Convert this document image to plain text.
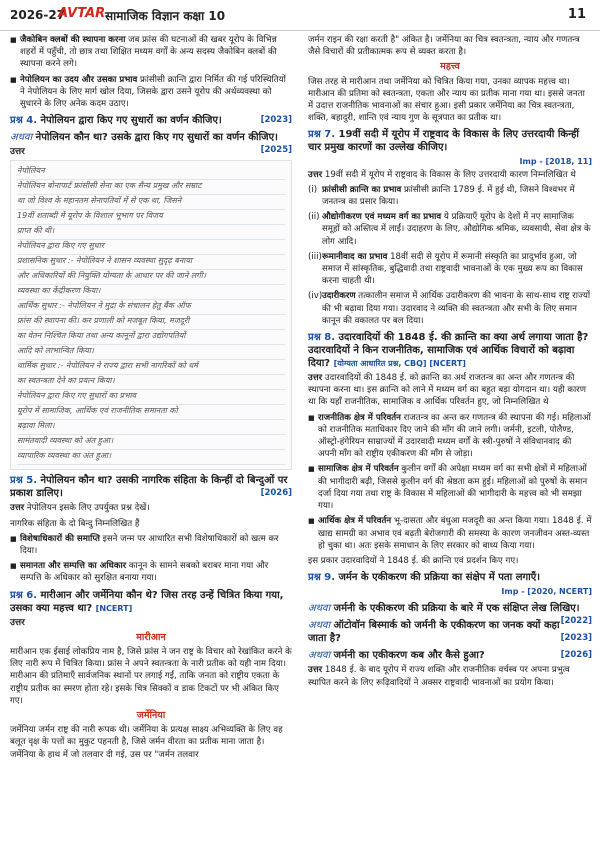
2026-27
AVTAR सामाजिक विज्ञान कक्षा 10	11

■ जैकोबिन क्लबों की स्थापना करना जब फ्रांस की घटनाओं की खबर यूरोप के विभिन्न शहरों में पहुँची, तो छात्र तथा शिक्षित मध्यम वर्गों के अन्य सदस्य जैकोबिन क्लबों की स्थापना करने लगे।

■ नेपोलियन का उदय और उसका प्रभाव फ्रांसीसी क्रान्ति द्वारा निर्मित की गई परिस्थितियों ने नेपोलियन के लिए मार्ग खोल दिया, जिसके द्वारा उसने यूरोप की अर्थव्यवस्था को सुधारने के लिए अनेक कदम उठाए।

प्रश्न 4. नेपोलियन द्वारा किए गए सुधारों का वर्णन कीजिए।	[2023]
अथवा नेपोलियन कौन था? उसके द्वारा किए गए सुधारों का वर्णन कीजिए।
[2025]
उत्तर
नेपोलियन
नेपोलियन बोनापार्ट फ्रांसीसी सेना का एक सैन्य प्रमुख और सम्राट
था जो विश्व के महानतम सेनापतियों में से एक था, जिसने
19वीं शताब्दी में यूरोप के विशाल भूभाग पर विजय
प्राप्त की थी।
नेपोलियन द्वारा किए गए सुधार
प्रशासनिक सुधार :- नेपोलियन ने शासन व्यवस्था सुदृढ़ बनाया
और अधिकारियों की नियुक्ति योग्यता के आधार पर की जाने लगी।
व्यवस्था का केंद्रीकरण किया।
आर्थिक सुधार :- नेपोलियन ने मुद्रा के संचालन हेतु बैंक ऑफ
फ्रांस की स्थापना की। कर प्रणाली को मजबूत किया, मजदूरी
का वेतन निश्चित किया तथा अन्य कानूनों द्वारा उद्योगपतियों
आदि को लाभान्वित किया।
धार्मिक सुधार :- नेपोलियन ने राज्य द्वारा सभी नागरिकों को धर्म
का स्वतन्त्रता देने का प्रयत्न किया।
नेपोलियन द्वारा किए गए सुधारों का प्रभाव
यूरोप में सामाजिक, आर्थिक एवं राजनीतिक समानता को
बढ़ावा मिला।
सामंतवादी व्यवस्था को अंत हुआ।
व्यापारिक व्यवस्था का अंत हुआ।
प्रश्न 5. नेपोलियन कौन था? उसकी नागरिक संहिता के किन्हीं दो बिन्दुओं पर प्रकाश डालिए।	[2026]

उत्तर नेपोलियन इसके लिए उपर्युक्त प्रश्न देखें।

नागरिक संहिता के दो बिन्दु निम्नलिखित हैं

■ विशेषाधिकारों की समाप्ति इसने जन्म पर आधारित सभी विशेषाधिकारों को खत्म कर दिया।

■ समानता और सम्पत्ति का अधिकार कानून के सामने सबको बराबर माना गया और सम्पत्ति के अधिकार को सुरक्षित बनाया गया।

प्रश्न 6. मारीआन और जर्मेनिया कौन थे? जिस तरह उन्हें चित्रित किया गया, उसका क्या महत्त्व था? [NCERT]
उत्तर
मारीआन

मारीआन एक ईसाई लोकप्रिय नाम है, जिसे फ्रांस ने जन राष्ट्र के विचार को रेखांकित करने के लिए नारी रूप में चित्रित किया। फ्रांस ने अपने स्वतन्त्रता के नारी प्रतीक को यही नाम दिया। मारीआन की प्रतिमाएँ सार्वजनिक स्थानों पर लगाई गईं, ताकि जनता को राष्ट्रीय एकता के राष्ट्रीय प्रतीक का स्मरण होता रहे। इसके चित्र सिक्कों व डाक टिकटों पर भी अंकित किए गए।

जर्मेनिया

जर्मेनिया जर्मन राष्ट्र की नारी रूपक थी। जर्मेनिया के प्रत्यक्ष साक्ष्य अभिव्यक्ति के लिए वह बलूत वृक्ष के पत्तों का मुकुट पहनती है, जिसे जर्मन वीरता का प्रतीक माना जाता है। जर्मेनिया के हाथ में जो तलवार दी गई, उस पर "जर्मन तलवार

जर्मन राइन की रक्षा करती है" अंकित है। जर्मेनिया का चित्र स्वतन्त्रता, न्याय और गणतन्त्र जैसे विचारों की प्रतीकात्मक रूप से व्यक्त करता है।

महत्त्व

जिस तरह से मारीआन तथा जर्मेनिया को चित्रित किया गया, उनका व्यापक महत्त्व था। मारीआन की प्रतिमा को स्वतन्त्रता, एकता और न्याय का प्रतीक माना गया था। इससे जनता में उदात्त राजनीतिक भावनाओं का संचार हुआ। इसी प्रकार जर्मेनिया का चित्र स्वतन्त्रता, शक्ति, बहादुरी, शान्ति एवं न्याय गुण के सूत्रपात का प्रतीक था।

प्रश्न 7. 19वीं सदी में यूरोप में राष्ट्रवाद के विकास के लिए उत्तरदायी किन्हीं चार प्रमुख कारणों का उल्लेख कीजिए।
Imp - [2018, 11]

उत्तर 19वीं सदी में यूरोप में राष्ट्रवाद के विकास के लिए उत्तरदायी कारण निम्नलिखित थे

(i) फ्रांसीसी क्रान्ति का प्रभाव फ्रांसीसी क्रान्ति 1789 ई. में हुई थी, जिसने विश्वभर में जनतन्त्र का प्रसार किया।

(ii) औद्योगीकरण एवं मध्यम वर्ग का प्रभाव ये प्रक्रियाएँ यूरोप के देशों में नए सामाजिक समूहों को अस्तित्व में लाईं। उदाहरण के लिए, औद्योगिक श्रमिक, व्यवसायी, सेवा क्षेत्र के लोग आदि।

(iii) रूमानीवाद का प्रभाव 18वीं सदी से यूरोप में रूमानी संस्कृति का प्रादुर्भाव हुआ, जो समाज में सांस्कृतिक, बुद्धिवादी तथा राष्ट्रवादी भावनाओं के एक मुख्य रूप का विकास करना चाहती थी।

(iv) उदारीकरण तत्कालीन समाज में आर्थिक उदारीकरण की भावना के साथ-साथ राष्ट्र राज्यों की भी बढ़ावा दिया गया। उदारवाद ने व्यक्ति की स्वतन्त्रता और सभी के लिए समान कानून की वकालत पर बल दिया।

प्रश्न 8. उदारवादियों की 1848 ई. की क्रान्ति का क्या अर्थ लगाया जाता है? उदारवादियों ने किन राजनीतिक, सामाजिक एवं आर्थिक विचारों को बढ़ावा दिया? [योग्यता आधारित प्रश्न, CBQ] [NCERT]

उत्तर उदारवादियों की 1848 ई. को क्रान्ति का अर्थ राजतन्त्र का अन्त और गणतन्त्र की स्थापना करना था। इस क्रान्ति को लाने में मध्यम वर्ग का बहुत बड़ा योगदान था। यही कारण था कि यहाँ राजनीतिक, सामाजिक व आर्थिक परिवर्तन हुए, जो निम्नलिखित थे

■ राजनीतिक क्षेत्र में परिवर्तन राजतन्त्र का अन्त कर गणतन्त्र की स्थापना की गई। महिलाओं को राजनीतिक मताधिकार दिए जाने की माँग की जाने लगी। जर्मनी, इटली, पोलैण्ड, ऑस्ट्रो-हंगेरियन साम्राज्यों में उदारवादी मध्यम वर्गों के स्त्री-पुरुषों ने संविधानवाद की अपनी माँग को राष्ट्रीय एकीकरण की माँग से जोड़ा।

■ सामाजिक क्षेत्र में परिवर्तन कुलीन वर्गों की अपेक्षा मध्यम वर्ग का सभी क्षेत्रों में महिलाओं की भागीदारी बढ़ी, जिससे कुलीन वर्ग की श्रेष्ठता कम हुई। महिलाओं को पुरुषों के समान दर्जा दिया गया तथा राष्ट्र के विकास में महिलाओं की भागीदारी के महत्त्व को भी समझा गया।

■ आर्थिक क्षेत्र में परिवर्तन भू-दासता और बंधुआ मजदूरी का अन्त किया गया। 1848 ई. में खाद्य सामग्री का अभाव एवं बढ़ती बेरोजगारी की समस्या के कारण जनजीवन अस्त-व्यस्त हो चुका था। अतः इसके समाधान के लिए सरकार को बाध्य किया गया।

इस प्रकार उदारवादियों ने 1848 ई. की क्रान्ति एवं प्रदर्शन किए गए।

प्रश्न 9. जर्मन के एकीकरण की प्रक्रिया का संक्षेप में पता लगाएँ।
Imp - [2020, NCERT]
अथवा जर्मनी के एकीकरण की प्रक्रिया के बारे में एक संक्षिप्त लेख लिखिए।
[2022]
अथवा ऑटोवॉन बिस्मार्क को जर्मनी के एकीकरण का जनक क्यों कहा जाता है?	[2023]
अथवा जर्मनी का एकीकरण कब और कैसे हुआ?	[2026]

उत्तर 1848 ई. के बाद यूरोप में राज्य शक्ति और राजनीतिक वर्चस्व पर अपना प्रभुत्व स्थापित करने के लिए रूढ़िवादियों ने अक्सर राष्ट्रवादी भावनाओं का प्रयोग किया।
